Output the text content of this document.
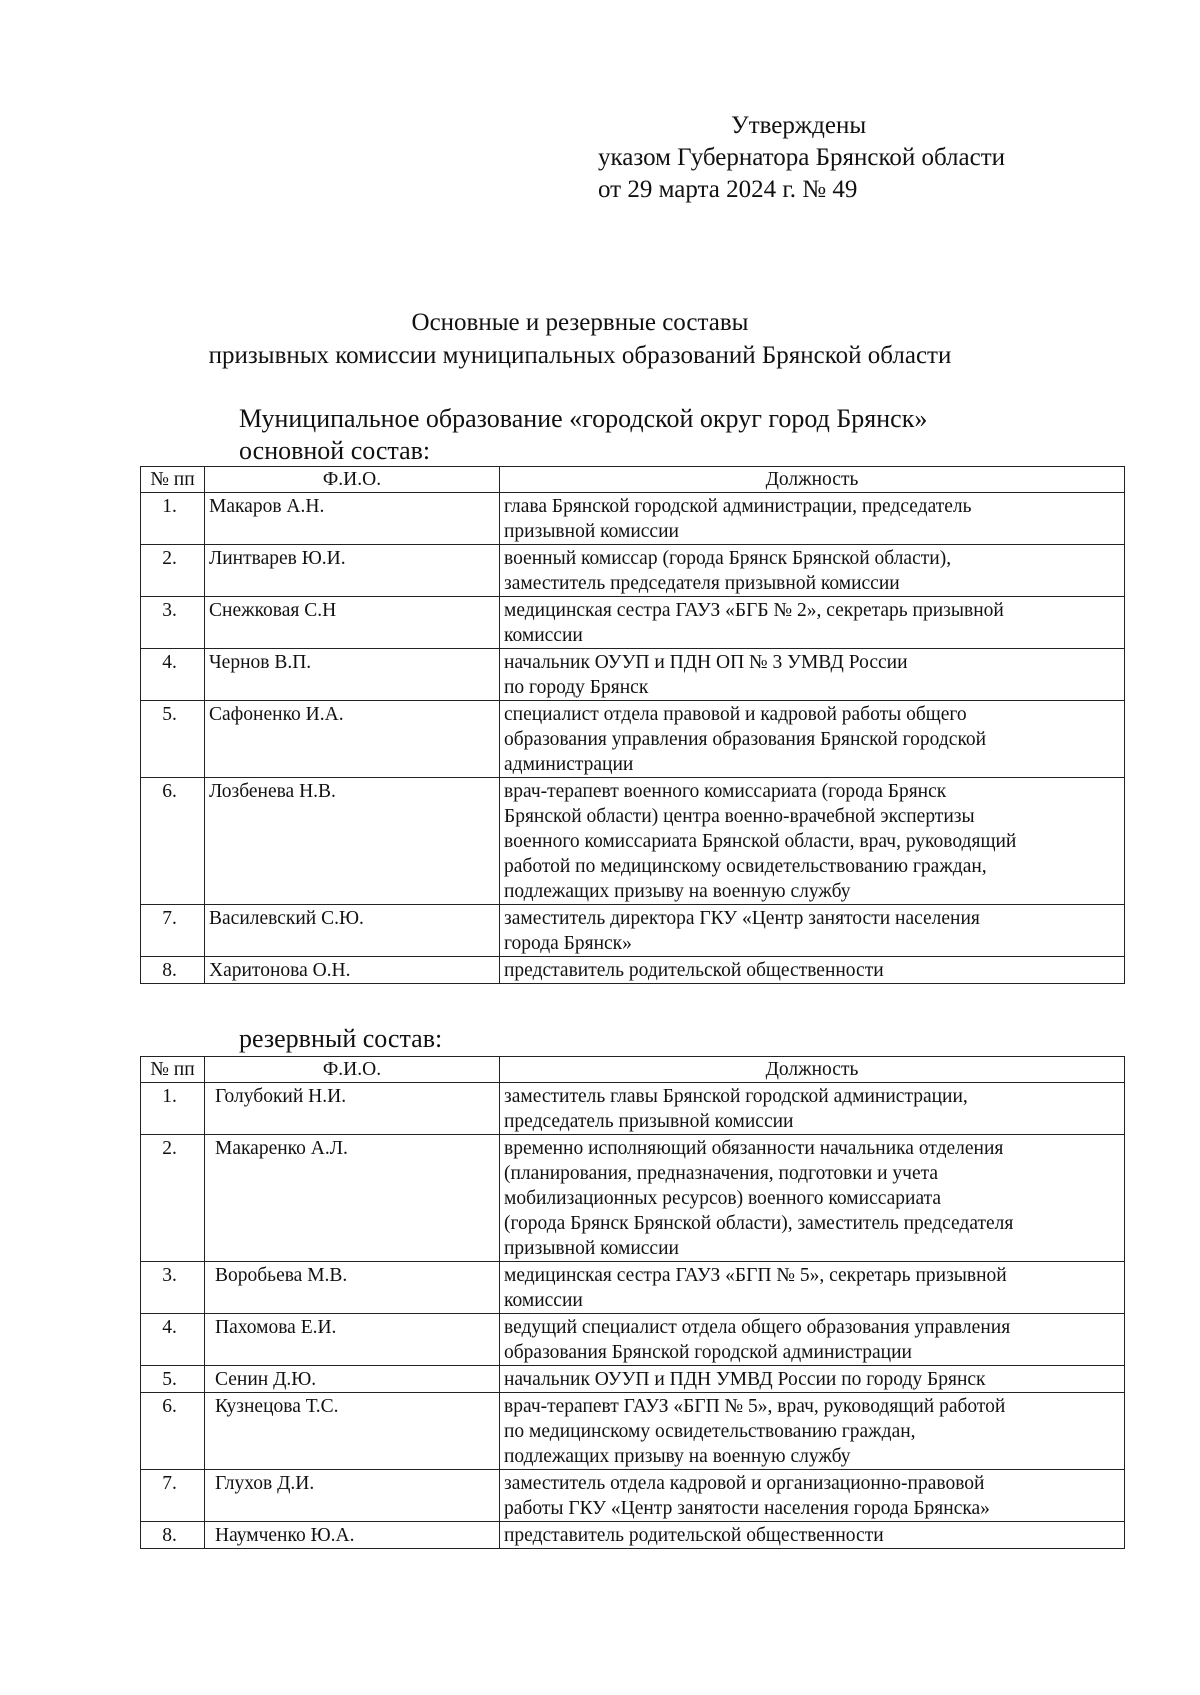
Утверждены
указом Губернатора Брянской области
от 29 марта 2024 г. № 49
Основные и резервные составы
призывных комиссии муниципальных образований Брянской области
Муниципальное образование «городской округ город Брянск»
основной состав:
№ пп	Ф.И.О.	Должность
1.	Макаров А.Н.	глава Брянской городской администрации, председатель
призывной комиссии

2.	Линтварев Ю.И.	военный комиссар (города Брянск Брянской области),
заместитель председателя призывной комиссии

3.	Снежковая С.Н	медицинская сестра ГАУЗ «БГБ № 2», секретарь призывной
комиссии

4.	Чернов В.П.	начальник ОУУП и ПДН ОП № 3 УМВД России
по городу Брянск

5.	Сафоненко И.А.	специалист отдела правовой и кадровой работы общего
образования управления образования Брянской городской
администрации

6.	Лозбенева Н.В.	врач-терапевт военного комиссариата (города Брянск
Брянской области) центра военно-врачебной экспертизы
военного комиссариата Брянской области, врач, руководящий
работой по медицинскому освидетельствованию граждан,
подлежащих призыву на военную службу

7.	Василевский С.Ю.	заместитель директора ГКУ «Центр занятости населения
города Брянск»

8.	Харитонова О.Н.	представитель родительской общественности
резервный состав:
№ пп	Ф.И.О.	Должность
1.	Голубокий Н.И.	заместитель главы Брянской городской администрации,
председатель призывной комиссии

2.	Макаренко А.Л.	временно исполняющий обязанности начальника отделения
(планирования, предназначения, подготовки и учета
мобилизационных ресурсов) военного комиссариата
(города Брянск Брянской области), заместитель председателя
призывной комиссии

3.	Воробьева М.В.	медицинская сестра ГАУЗ «БГП № 5», секретарь призывной
комиссии

4.	Пахомова Е.И.	ведущий специалист отдела общего образования управления
образования Брянской городской администрации

5.	Сенин Д.Ю.	начальник ОУУП и ПДН УМВД России по городу Брянск

6.	Кузнецова Т.С.	врач-терапевт ГАУЗ «БГП № 5», врач, руководящий работой
по медицинскому освидетельствованию граждан,
подлежащих призыву на военную службу

7.	Глухов Д.И.	заместитель отдела кадровой и организационно-правовой
работы ГКУ «Центр занятости населения города Брянска»

8.	Наумченко Ю.А.	представитель родительской общественности
